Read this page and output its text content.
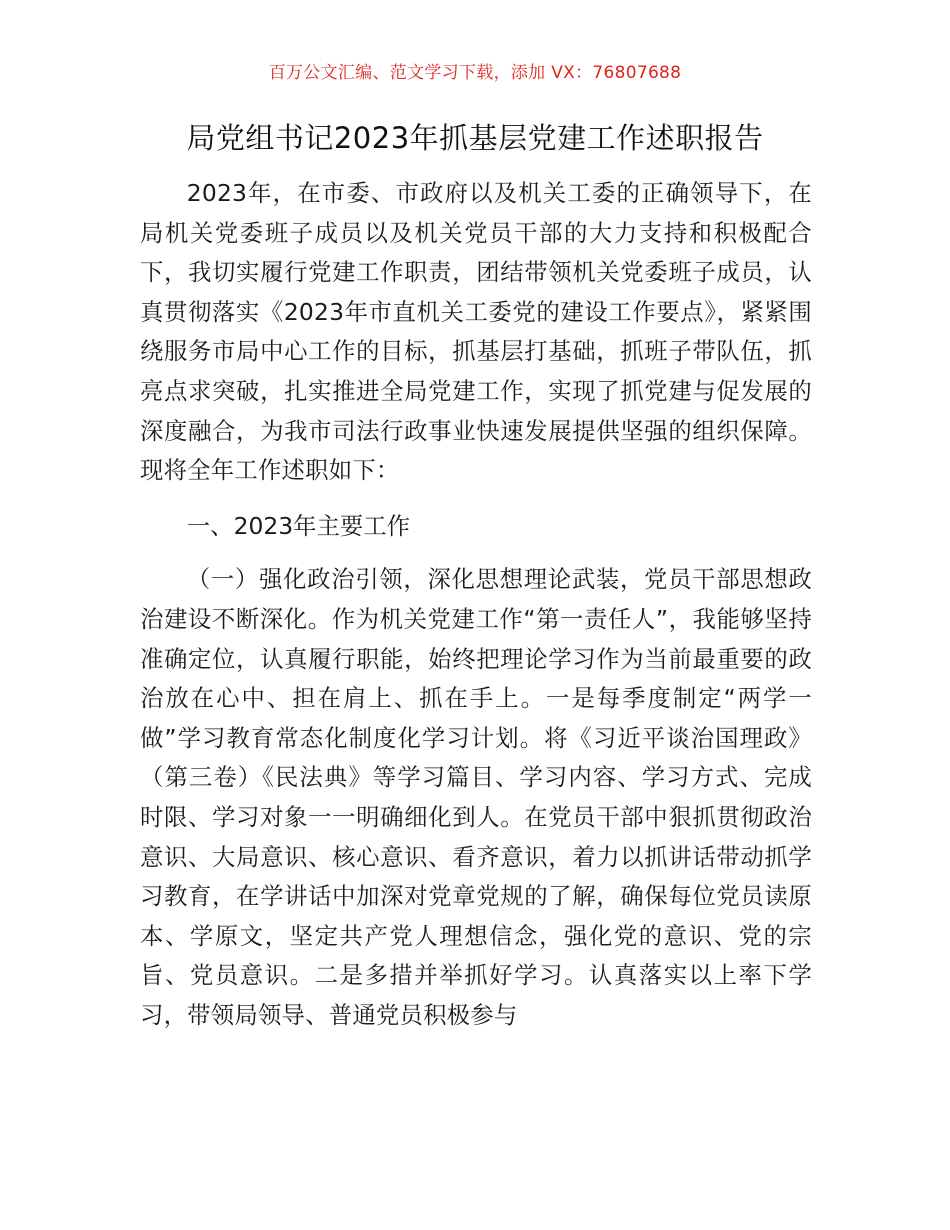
百万公文汇编、范文学习下载，添加 VX：76807688
局党组书记2023年抓基层党建工作述职报告

2023年，在市委、市政府以及机关工委的正确领导下，在局机关党委班子成员以及机关党员干部的大力支持和积极配合下，我切实履行党建工作职责，团结带领机关党委班子成员，认真贯彻落实《2023年市直机关工委党的建设工作要点》，紧紧围绕服务市局中心工作的目标，抓基层打基础，抓班子带队伍，抓亮点求突破，扎实推进全局党建工作，实现了抓党建与促发展的深度融合，为我市司法行政事业快速发展提供坚强的组织保障。现将全年工作述职如下：

一、2023年主要工作

（一）强化政治引领，深化思想理论武装，党员干部思想政治建设不断深化。作为机关党建工作“第一责任人”，我能够坚持准确定位，认真履行职能，始终把理论学习作为当前最重要的政治放在心中、担在肩上、抓在手上。一是每季度制定“两学一做”学习教育常态化制度化学习计划。将《习近平谈治国理政》（第三卷）《民法典》等学习篇目、学习内容、学习方式、完成时限、学习对象一一明确细化到人。在党员干部中狠抓贯彻政治意识、大局意识、核心意识、看齐意识，着力以抓讲话带动抓学习教育，在学讲话中加深对党章党规的了解，确保每位党员读原本、学原文，坚定共产党人理想信念，强化党的意识、党的宗旨、党员意识。二是多措并举抓好学习。认真落实以上率下学习，带领局领导、普通党员积极参与
